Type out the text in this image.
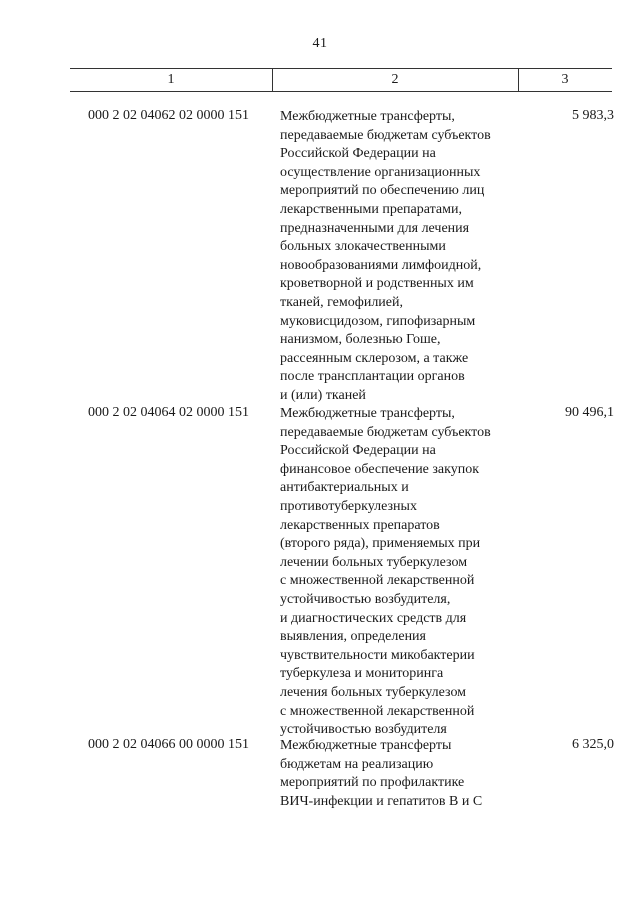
41
1	2	3
000 2 02 04062 02 0000 151 Межбюджетные трансферты,
передаваемые бюджетам субъектов
Российской Федерации на
осуществление организационных
мероприятий по обеспечению лиц
лекарственными препаратами,
предназначенными для лечения
больных злокачественными
новообразованиями лимфоидной,
кроветворной и родственных им
тканей, гемофилией,
муковисцидозом, гипофизарным
нанизмом, болезнью Гоше,
рассеянным склерозом, а также
после трансплантации органов
и (или) тканей
5 983,3
000 2 02 04064 02 0000 151 Межбюджетные трансферты,
передаваемые бюджетам субъектов
Российской Федерации на
финансовое обеспечение закупок
антибактериальных и
противотуберкулезных
лекарственных препаратов
(второго ряда), применяемых при
лечении больных туберкулезом
с множественной лекарственной
устойчивостью возбудителя,
и диагностических средств для
выявления, определения
чувствительности микобактерии
туберкулеза и мониторинга
лечения больных туберкулезом
с множественной лекарственной
устойчивостью возбудителя
90 496,1
000 2 02 04066 00 0000 151 Межбюджетные трансферты
бюджетам на реализацию
мероприятий по профилактике
ВИЧ-инфекции и гепатитов B и C
6 325,0
